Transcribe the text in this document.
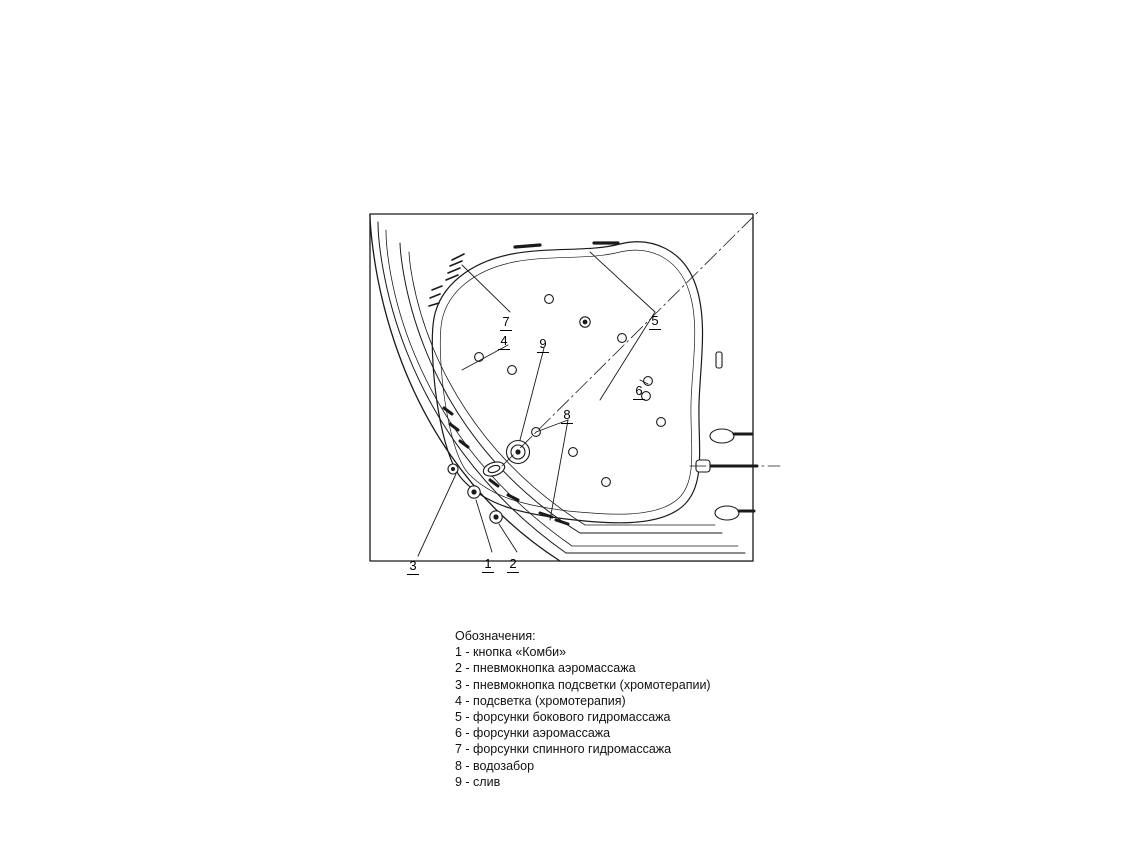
1	2
3
4
5
6
7
8
9
Обозначения:
1 - кнопка «Комби»
2 - пневмокнопка аэромассажа
3 - пневмокнопка подсветки (хромотерапии)
4 - подсветка (хромотерапия)
5 - форсунки бокового гидромассажа
6 - форсунки аэромассажа
7 - форсунки спинного гидромассажа
8 - водозабор
9 - слив
